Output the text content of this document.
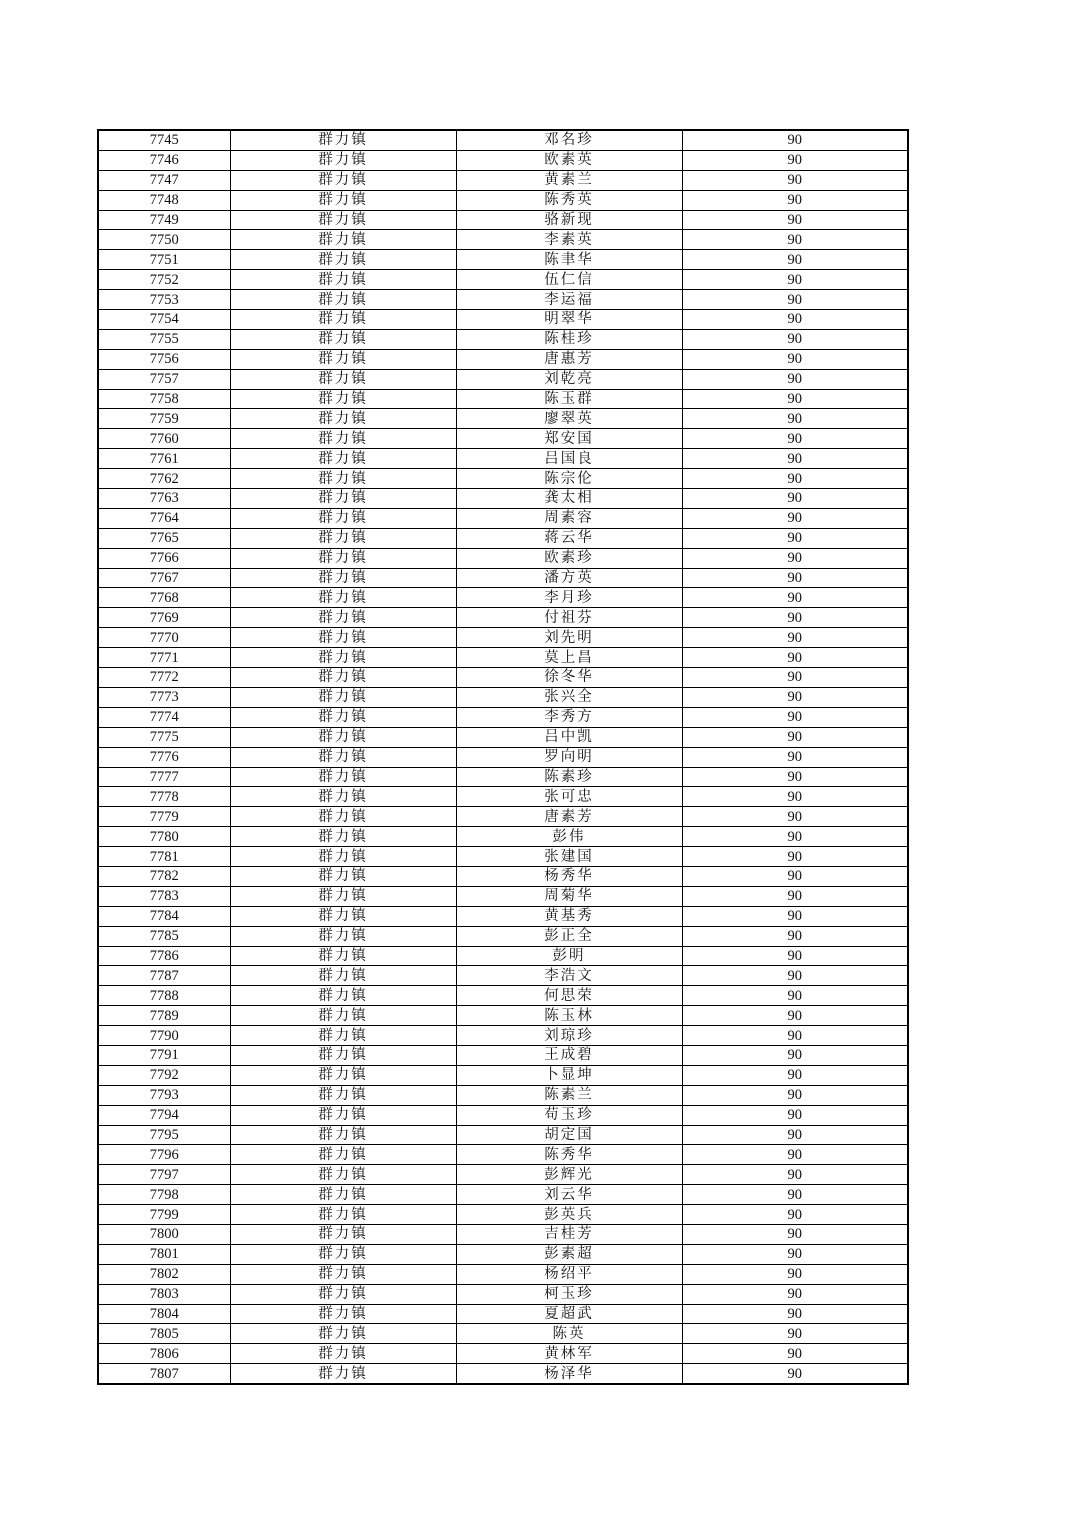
7745	群力镇	邓名珍	90
7746	群力镇	欧素英	90
7747	群力镇	黄素兰	90
7748	群力镇	陈秀英	90
7749	群力镇	骆新现	90
7750	群力镇	李素英	90
7751	群力镇	陈聿华	90
7752	群力镇	伍仁信	90
7753	群力镇	李运福	90
7754	群力镇	明翠华	90
7755	群力镇	陈桂珍	90
7756	群力镇	唐惠芳	90
7757	群力镇	刘乾亮	90
7758	群力镇	陈玉群	90
7759	群力镇	廖翠英	90
7760	群力镇	郑安国	90
7761	群力镇	吕国良	90
7762	群力镇	陈宗伦	90
7763	群力镇	龚太相	90
7764	群力镇	周素容	90
7765	群力镇	蒋云华	90
7766	群力镇	欧素珍	90
7767	群力镇	潘方英	90
7768	群力镇	李月珍	90
7769	群力镇	付祖芬	90
7770	群力镇	刘先明	90
7771	群力镇	莫上昌	90
7772	群力镇	徐冬华	90
7773	群力镇	张兴全	90
7774	群力镇	李秀方	90
7775	群力镇	吕中凯	90
7776	群力镇	罗向明	90
7777	群力镇	陈素珍	90
7778	群力镇	张可忠	90
7779	群力镇	唐素芳	90
7780	群力镇	彭伟	90
7781	群力镇	张建国	90
7782	群力镇	杨秀华	90
7783	群力镇	周菊华	90
7784	群力镇	黄基秀	90
7785	群力镇	彭正全	90
7786	群力镇	彭明	90
7787	群力镇	李浩文	90
7788	群力镇	何思荣	90
7789	群力镇	陈玉林	90
7790	群力镇	刘琼珍	90
7791	群力镇	王成碧	90
7792	群力镇	卜显坤	90
7793	群力镇	陈素兰	90
7794	群力镇	苟玉珍	90
7795	群力镇	胡定国	90
7796	群力镇	陈秀华	90
7797	群力镇	彭辉光	90
7798	群力镇	刘云华	90
7799	群力镇	彭英兵	90
7800	群力镇	吉桂芳	90
7801	群力镇	彭素超	90
7802	群力镇	杨绍平	90
7803	群力镇	柯玉珍	90
7804	群力镇	夏超武	90
7805	群力镇	陈英	90
7806	群力镇	黄林军	90
7807	群力镇	杨泽华	90
